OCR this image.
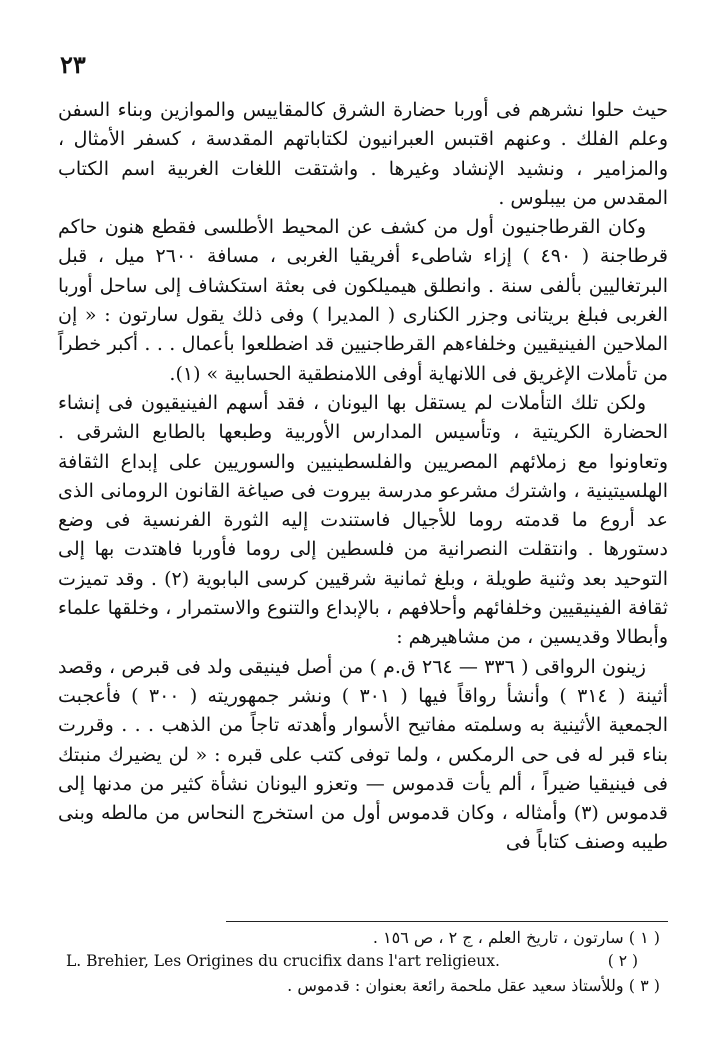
٢٣

حيث حلوا نشرهم فى أوربا حضارة الشرق كالمقاييس والموازين وبناء السفن وعلم الفلك . وعنهم اقتبس العبرانيون لكتاباتهم المقدسة ، كسفر الأمثال ، والمزامير ، ونشيد الإنشاد وغيرها . واشتقت اللغات الغربية اسم الكتاب المقدس من بيبلوس .

وكان القرطاجنيون أول من كشف عن المحيط الأطلسى فقطع هنون حاكم قرطاجنة ( ٤٩٠ ) إزاء شاطىء أفريقيا الغربى ، مسافة ٢٦٠٠ ميل ، قبل البرتغاليين بألفى سنة . وانطلق هيميلكون فى بعثة استكشاف إلى ساحل أوربا الغربى فبلغ بريتانى وجزر الكنارى ( المديرا ) وفى ذلك يقول سارتون : « إن الملاحين الفينيقيين وخلفاءهم القرطاجنيين قد اضطلعوا بأعمال . . . أكبر خطراً من تأملات الإغريق فى اللانهاية أوفى اللامنطقية الحسابية » (١).

ولكن تلك التأملات لم يستقل بها اليونان ، فقد أسهم الفينيقيون فى إنشاء الحضارة الكريتية ، وتأسيس المدارس الأوربية وطبعها بالطابع الشرقى . وتعاونوا مع زملائهم المصريين والفلسطينيين والسوريين على إبداع الثقافة الهلسيتينية ، واشترك مشرعو مدرسة بيروت فى صياغة القانون الرومانى الذى عد أروع ما قدمته روما للأجيال فاستندت إليه الثورة الفرنسية فى وضع دستورها . وانتقلت النصرانية من فلسطين إلى روما فأوربا فاهتدت بها إلى التوحيد بعد وثنية طويلة ، وبلغ ثمانية شرقيين كرسى البابوية (٢) . وقد تميزت ثقافة الفينيقيين وخلفائهم وأحلافهم ، بالإبداع والتنوع والاستمرار ، وخلقها علماء وأبطالا وقديسين ، من مشاهيرهم :

زينون الرواقى ( ٣٣٦ — ٢٦٤ ق.م ) من أصل فينيقى ولد فى قبرص ، وقصد أثينة ( ٣١٤ ) وأنشأ رواقاً فيها ( ٣٠١ ) ونشر جمهوريته ( ٣٠٠ ) فأعجبت الجمعية الأثينية به وسلمته مفاتيح الأسوار وأهدته تاجاً من الذهب . . . وقررت بناء قبر له فى حى الرمكس ، ولما توفى كتب على قبره : « لن يضيرك منبتك فى فينيقيا ضيراً ، ألم يأت قدموس — وتعزو اليونان نشأة كثير من مدنها إلى قدموس (٣) وأمثاله ، وكان قدموس أول من استخرج النحاس من مالطه وبنى طيبه وصنف كتاباً فى

( ١ ) سارتون ، تاريخ العلم ، ج ٢ ، ص ١٥٦ .
L. Brehier, Les Origines du crucifix dans l'art religieux.	( ٢ )
( ٣ ) وللأستاذ سعيد عقل ملحمة رائعة بعنوان : قدموس .
